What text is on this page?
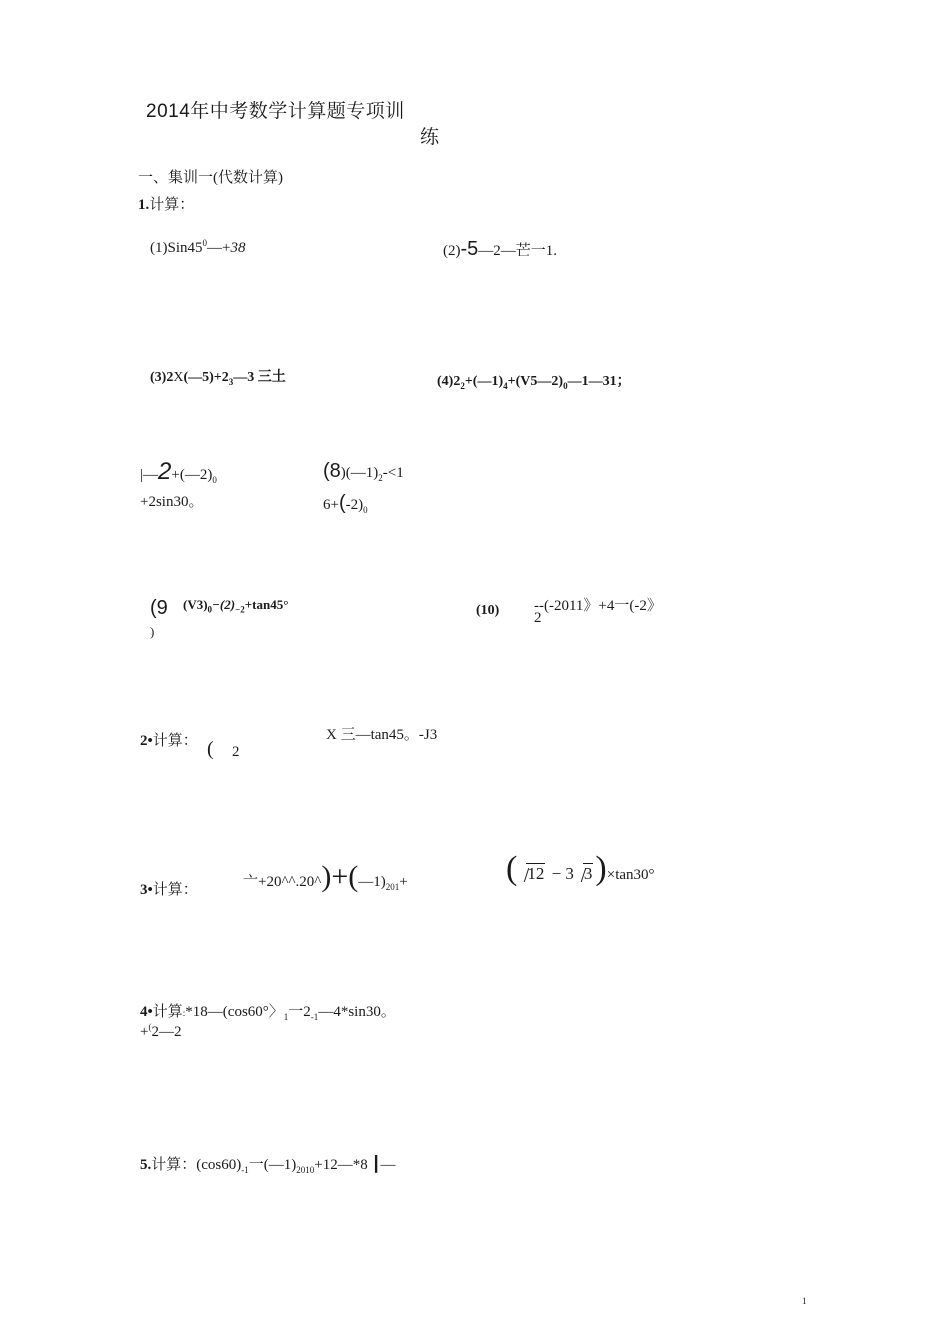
2014年中考数学计算题专项训
练
一、集训一(代数计算)
1.计算：
$(1)Sin45^0—+38$	(2)-5—2—芒一1.
$(3)2X(—5)+2_3—3$ 三土	$(4)2_2+(—1)_4+(V5—2)_0—1—31$；
$|—2+(—2)_0$
+2sin30。
$(8)(—1)_2-<1$
$6+(-2)_0$
(9
)
$(V3)_0-(2)_{-2}+\tan 45^\circ$	(10) --(-2011》+4一(-2》
2
2•计算：	X 三—tan45。-J3
( 2
3•计算：	亠$+20\^{}\^{}.20\^{})+(—1)_{201}+$	( 12 − 3 3)×tan30°
4•计算:*18—(cos60°〉$_1$一$2_{-1}—4*\sin 30$。
+(2—2
5.计算：$(\cos 60)_{-1}$一$(—1)_{2010}+12—*8$ ┃—
1
